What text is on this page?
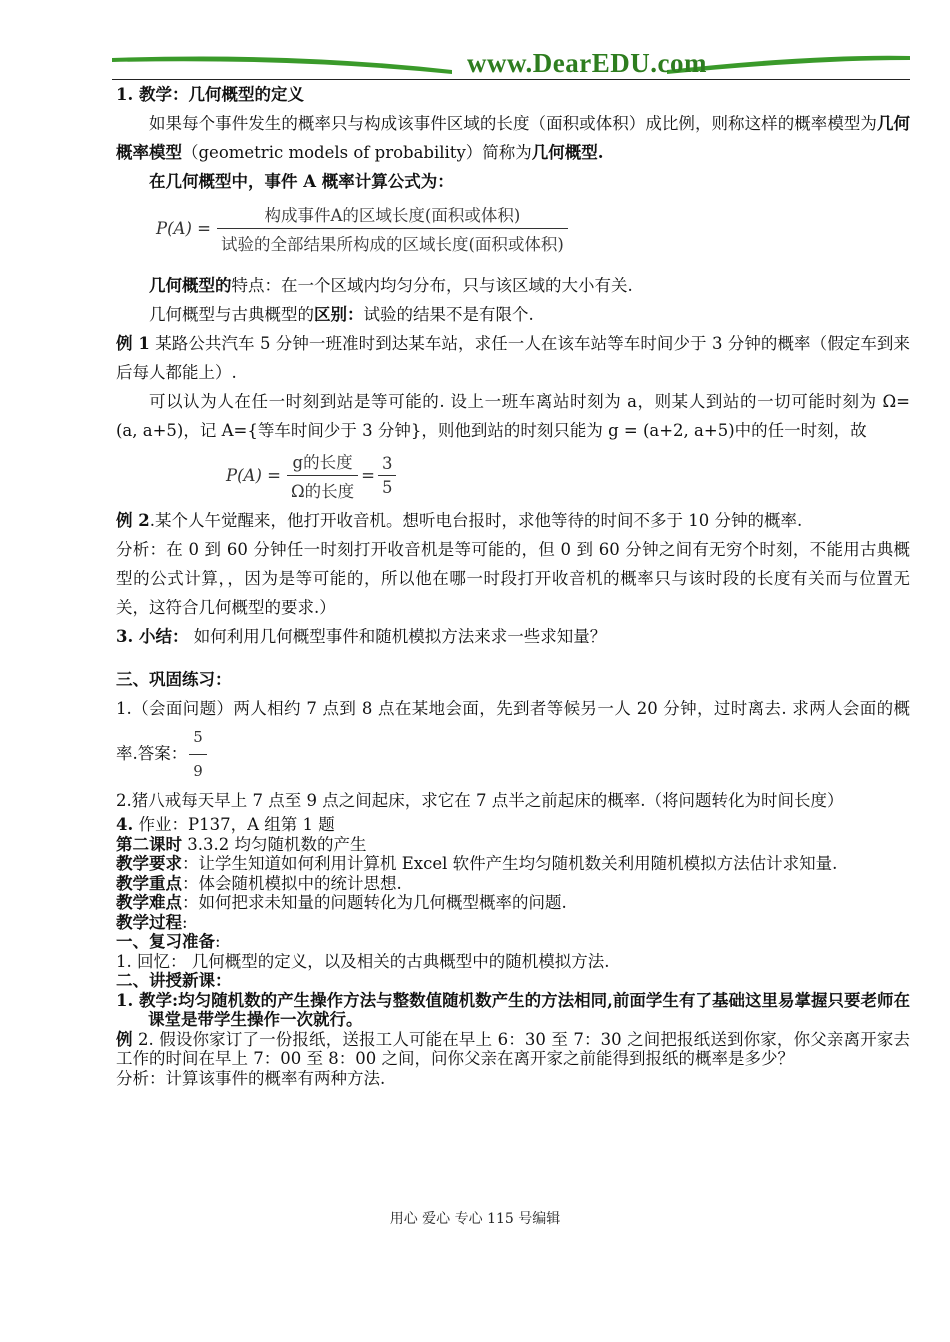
www.DearEDU.com

1. 教学：几何概型的定义

如果每个事件发生的概率只与构成该事件区域的长度（面积或体积）成比例，则称这样的概率模型为几何概率模型（geometric models of probability）简称为几何概型.

在几何概型中，事件 A 概率计算公式为：

$P(A) = \frac{\text{构成事件A的区域长度(面积或体积)}}{\text{试验的全部结果所构成的区域长度(面积或体积)}}$

几何概型的特点：在一个区域内均匀分布，只与该区域的大小有关.

几何概型与古典概型的区别：试验的结果不是有限个.

例 1 某路公共汽车 5 分钟一班准时到达某车站，求任一人在该车站等车时间少于 3 分钟的概率（假定车到来后每人都能上）.

可以认为人在任一时刻到站是等可能的. 设上一班车离站时刻为 a，则某人到站的一切可能时刻为 Ω= (a, a+5)，记 A={等车时间少于 3 分钟}，则他到站的时刻只能为 g = (a+2, a+5)中的任一时刻，故

$P(A) = \frac{\text{g的长度}}{\text{Ω的长度}} = \frac{3}{5}$

例 2.某个人午觉醒来，他打开收音机。想听电台报时，求他等待的时间不多于 10 分钟的概率.

分析：在 0 到 60 分钟任一时刻打开收音机是等可能的，但 0 到 60 分钟之间有无穷个时刻，不能用古典概型的公式计算，，因为是等可能的，所以他在哪一时段打开收音机的概率只与该时段的长度有关而与位置无关，这符合几何概型的要求.）

3. 小结： 如何利用几何概型事件和随机模拟方法来求一些求知量？

三、巩固练习：

1.（会面问题）两人相约 7 点到 8 点在某地会面，先到者等候另一人 20 分钟，过时离去. 求两人会面的概率.答案： $\frac{5}{9}$

2.猪八戒每天早上 7 点至 9 点之间起床，求它在 7 点半之前起床的概率.（将问题转化为时间长度）

4. 作业：P137，A 组第 1 题

第二课时 3.3.2 均匀随机数的产生

教学要求：让学生知道如何利用计算机 Excel 软件产生均匀随机数关利用随机模拟方法估计求知量.

教学重点：体会随机模拟中的统计思想.

教学难点：如何把求未知量的问题转化为几何概型概率的问题.

教学过程:

一、复习准备:

1. 回忆： 几何概型的定义，以及相关的古典概型中的随机模拟方法.

二、讲授新课：

1. 教学:均匀随机数的产生操作方法与整数值随机数产生的方法相同,前面学生有了基础这里易掌握只要老师在课堂是带学生操作一次就行。

例 2. 假设你家订了一份报纸，送报工人可能在早上 6：30 至 7：30 之间把报纸送到你家，你父亲离开家去工作的时间在早上 7：00 至 8：00 之间，问你父亲在离开家之前能得到报纸的概率是多少？

分析：计算该事件的概率有两种方法.

用心 爱心 专心 115 号编辑
